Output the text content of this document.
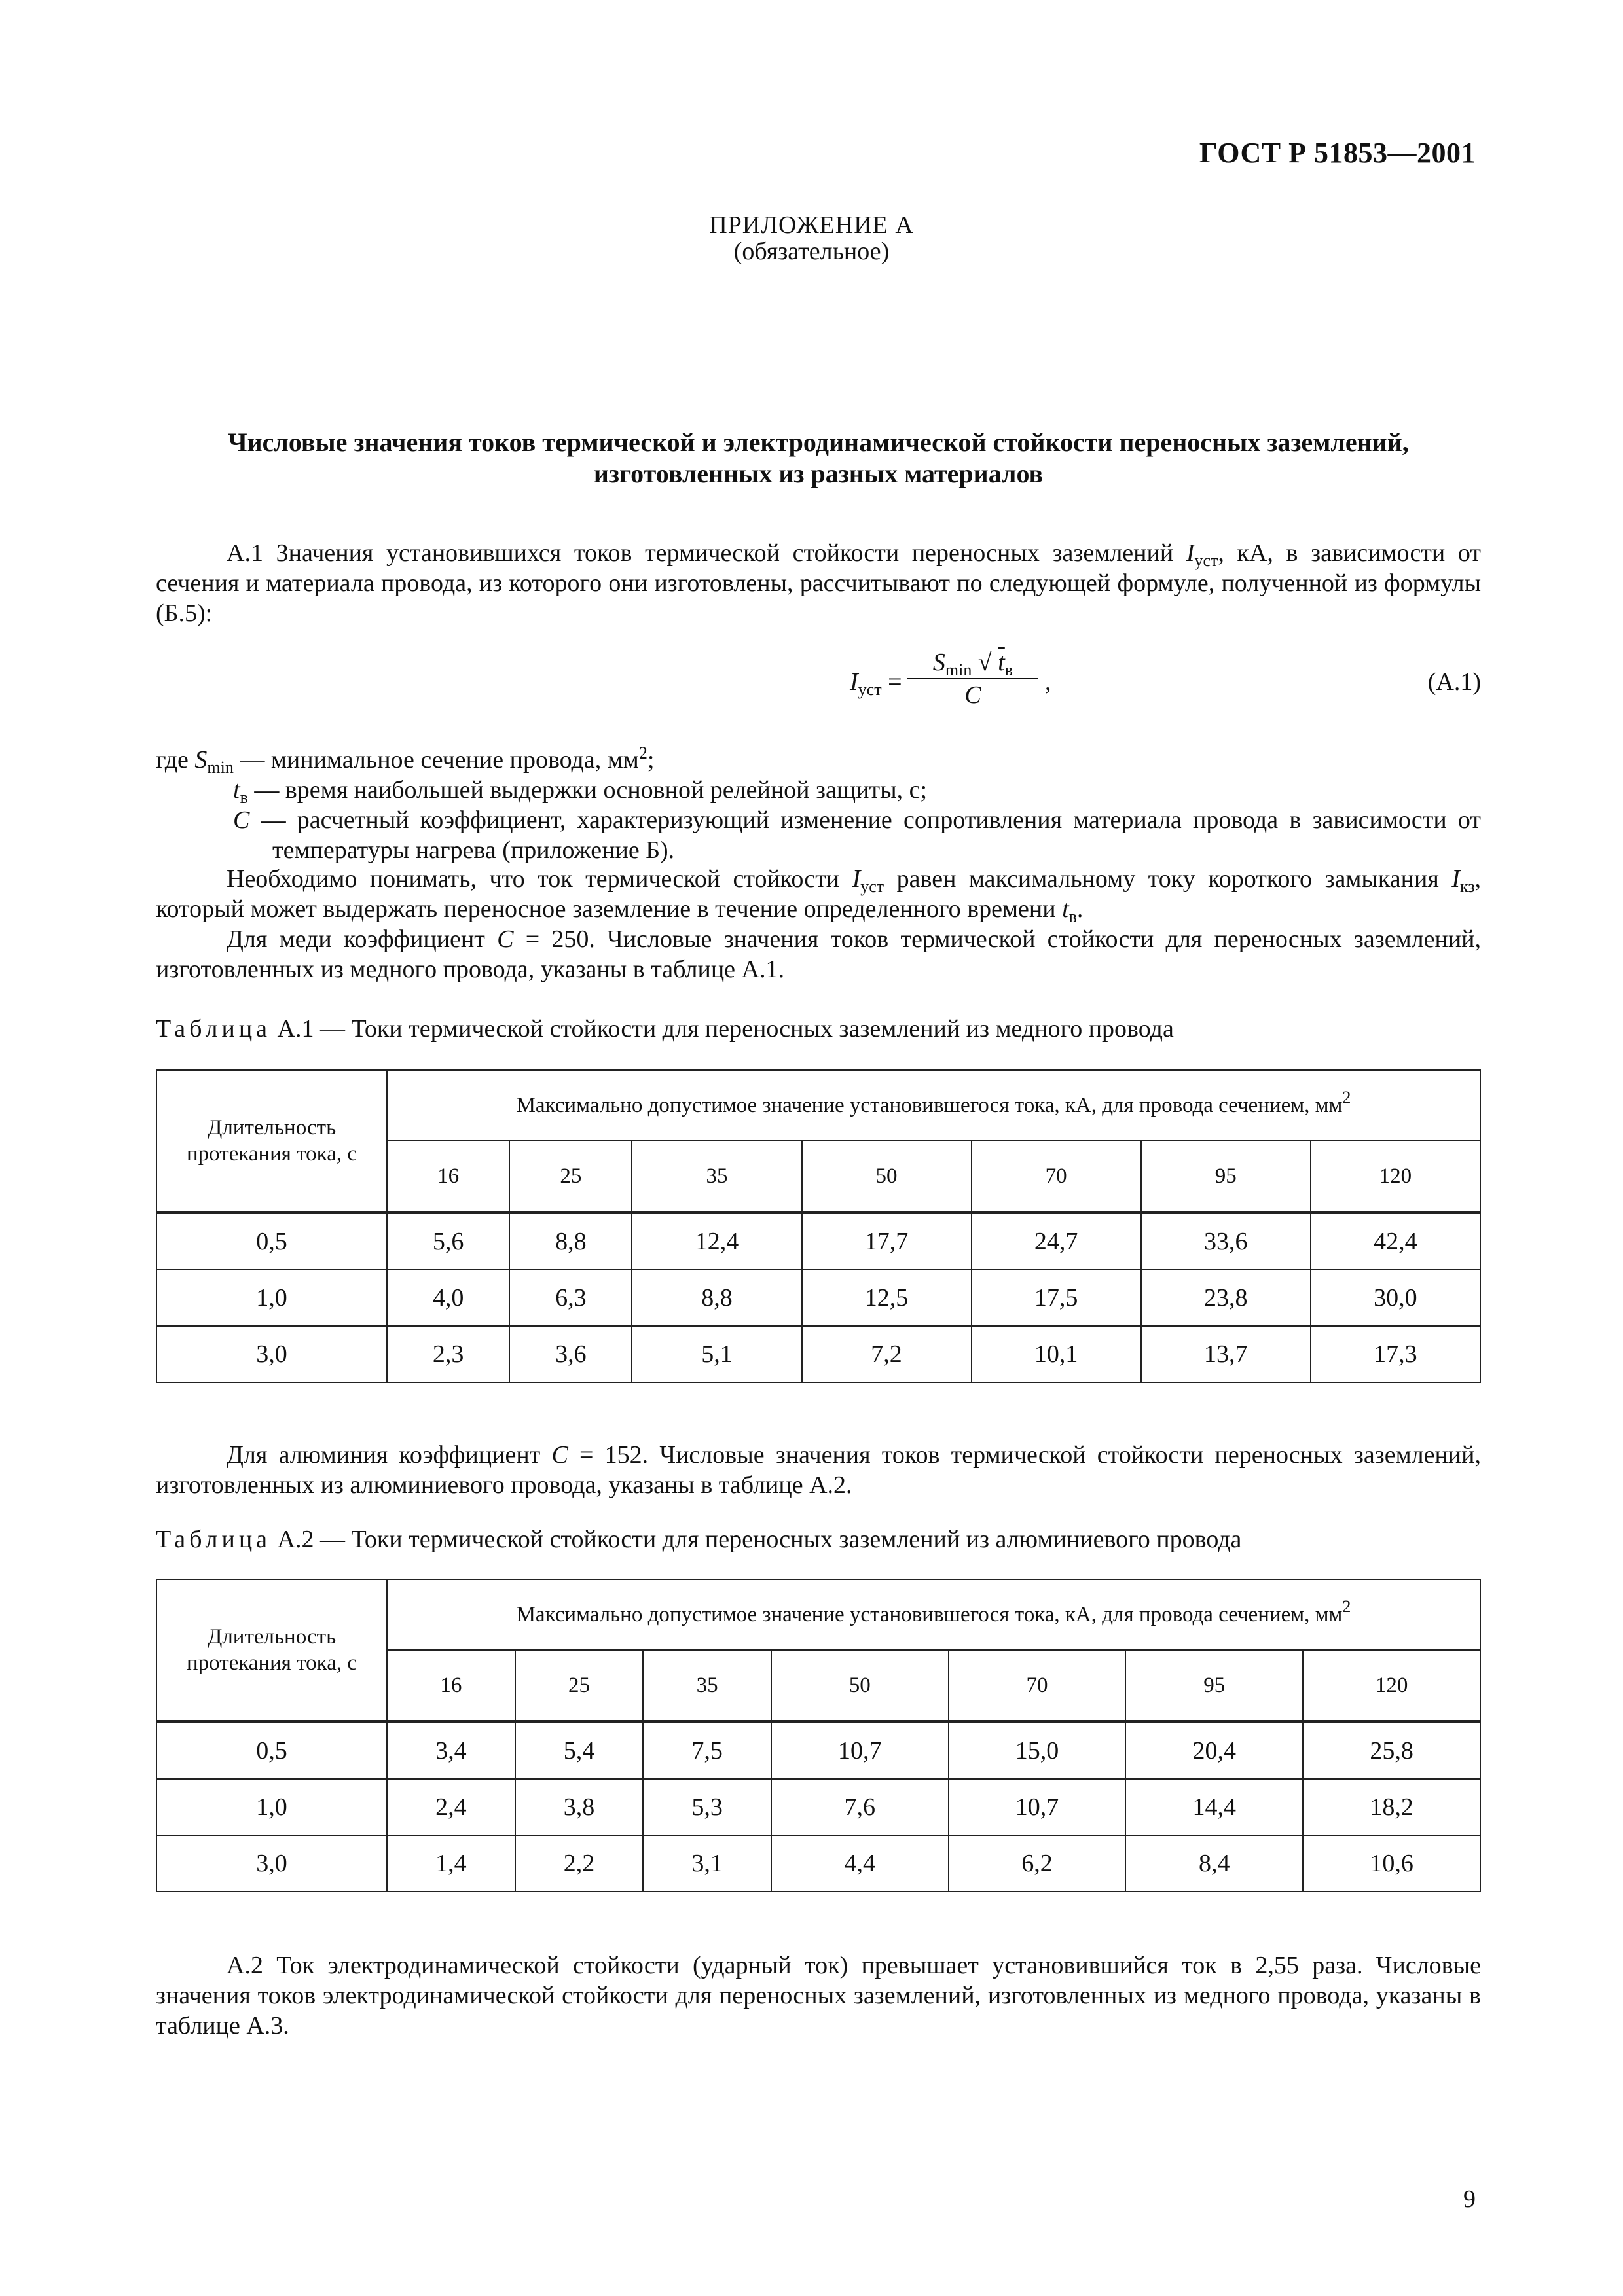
ГОСТ Р 51853—2001
ПРИЛОЖЕНИЕ А
(обязательное)
Числовые значения токов термической и электродинамической стойкости переносных заземлений,
изготовленных из разных материалов
А.1 Значения установившихся токов термической стойкости переносных заземлений $I_{уст}$, кА, в зависимости от сечения и материала провода, из которого они изготовлены, рассчитывают по следующей формуле, полученной из формулы (Б.5):
$I_{уст}$ =
$S_{min}$ √ $t_в$
C	,	(А.1)
где $S_{min}$ — минимальное сечение провода, $мм^2$;
$t_в$ — время наибольшей выдержки основной релейной защиты, с;
C — расчетный коэффициент, характеризующий изменение сопротивления материала провода в зависимости от температуры нагрева (приложение Б).
Необходимо понимать, что ток термической стойкости $I_{уст}$ равен максимальному току короткого замыкания $I_{кз}$, который может выдержать переносное заземление в течение определенного времени $t_в$.
Для меди коэффициент C = 250. Числовые значения токов термической стойкости для переносных заземлений, изготовленных из медного провода, указаны в таблице А.1.
Таблица А.1 — Токи термической стойкости для переносных заземлений из медного провода
Длительность протекания тока, с	Максимально допустимое значение установившегося тока, кА, для провода сечением, $мм^2$
	16	25	35	50	70	95	120
0,5	5,6	8,8	12,4	17,7	24,7	33,6	42,4
1,0	4,0	6,3	8,8	12,5	17,5	23,8	30,0
3,0	2,3	3,6	5,1	7,2	10,1	13,7	17,3
Для алюминия коэффициент C = 152. Числовые значения токов термической стойкости переносных заземлений, изготовленных из алюминиевого провода, указаны в таблице А.2.
Таблица А.2 — Токи термической стойкости для переносных заземлений из алюминиевого провода
Длительность протекания тока, с	Максимально допустимое значение установившегося тока, кА, для провода сечением, $мм^2$
	16	25	35	50	70	95	120
0,5	3,4	5,4	7,5	10,7	15,0	20,4	25,8
1,0	2,4	3,8	5,3	7,6	10,7	14,4	18,2
3,0	1,4	2,2	3,1	4,4	6,2	8,4	10,6
А.2 Ток электродинамической стойкости (ударный ток) превышает установившийся ток в 2,55 раза. Числовые значения токов электродинамической стойкости для переносных заземлений, изготовленных из медного провода, указаны в таблице А.3.
9
